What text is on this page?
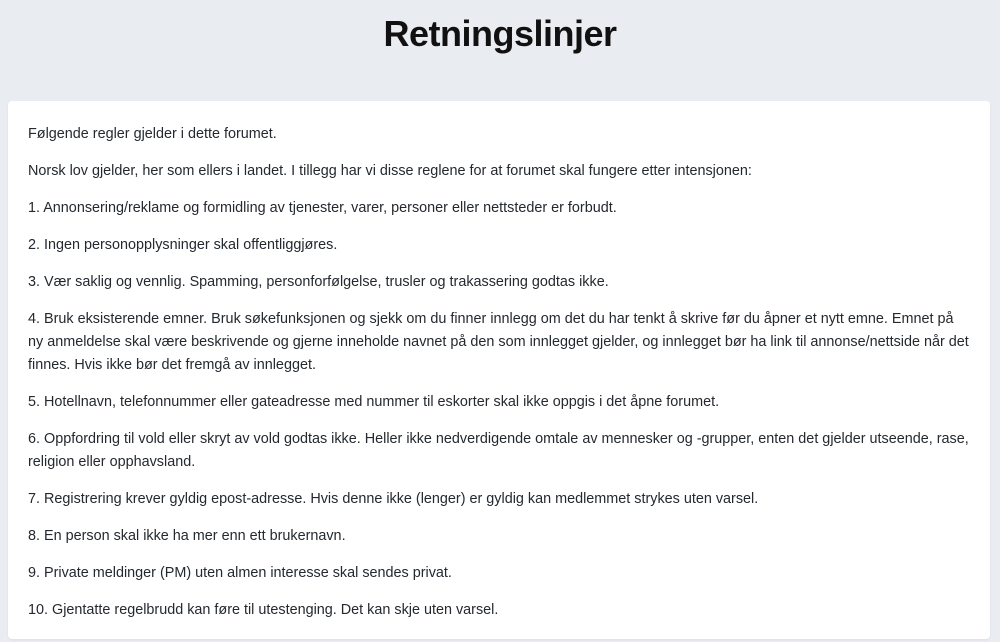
Retningslinjer

Følgende regler gjelder i dette forumet.

Norsk lov gjelder, her som ellers i landet. I tillegg har vi disse reglene for at forumet skal fungere etter intensjonen:

1. Annonsering/reklame og formidling av tjenester, varer, personer eller nettsteder er forbudt.

2. Ingen personopplysninger skal offentliggjøres.

3. Vær saklig og vennlig. Spamming, personforfølgelse, trusler og trakassering godtas ikke.

4. Bruk eksisterende emner. Bruk søkefunksjonen og sjekk om du finner innlegg om det du har tenkt å skrive før du åpner et nytt emne. Emnet på ny anmeldelse skal være beskrivende og gjerne inneholde navnet på den som innlegget gjelder, og innlegget bør ha link til annonse/nettside når det finnes. Hvis ikke bør det fremgå av innlegget.

5. Hotellnavn, telefonnummer eller gateadresse med nummer til eskorter skal ikke oppgis i det åpne forumet.

6. Oppfordring til vold eller skryt av vold godtas ikke. Heller ikke nedverdigende omtale av mennesker og -grupper, enten det gjelder utseende, rase, religion eller opphavsland.

7. Registrering krever gyldig epost-adresse. Hvis denne ikke (lenger) er gyldig kan medlemmet strykes uten varsel.

8. En person skal ikke ha mer enn ett brukernavn.

9. Private meldinger (PM) uten almen interesse skal sendes privat.

10. Gjentatte regelbrudd kan føre til utestenging. Det kan skje uten varsel.
